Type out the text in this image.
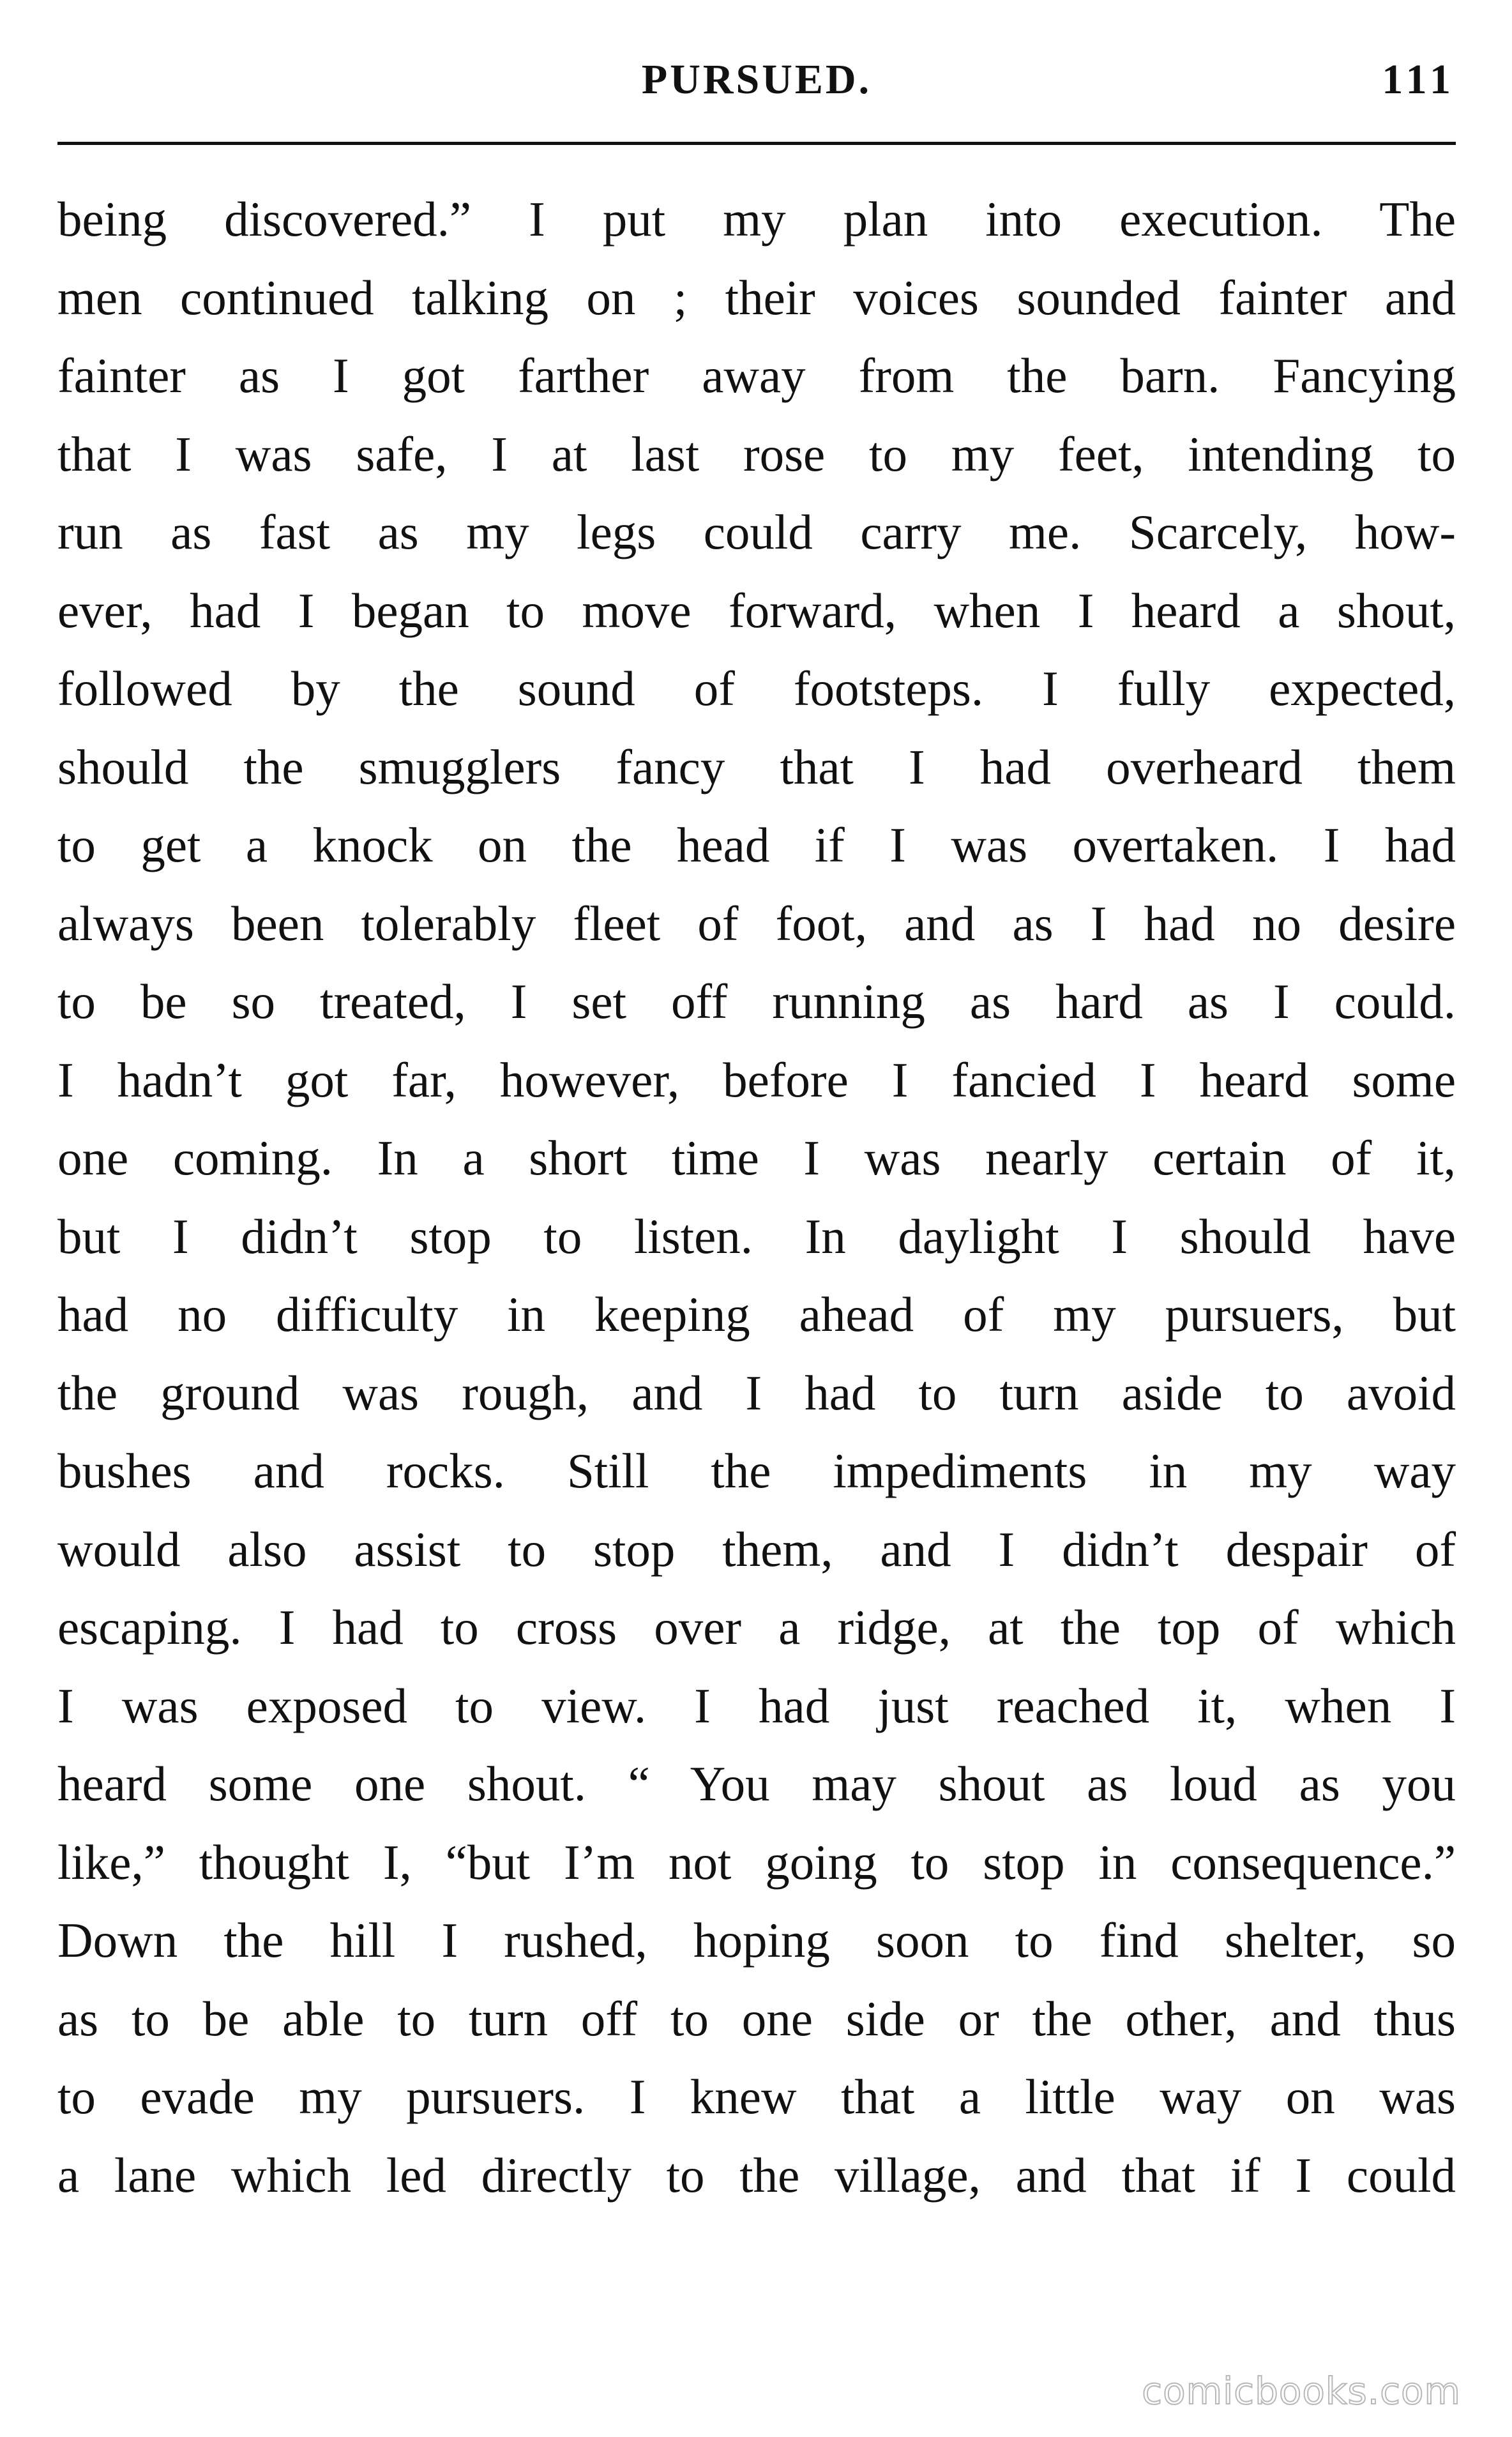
PURSUED.	111
being discovered.” I put my plan into execution. The
men continued talking on ; their voices sounded fainter and
fainter as I got farther away from the barn. Fancying
that I was safe, I at last rose to my feet, intending to
run as fast as my legs could carry me. Scarcely, how-
ever, had I began to move forward, when I heard a shout,
followed by the sound of footsteps. I fully expected,
should the smugglers fancy that I had overheard them
to get a knock on the head if I was overtaken. I had
always been tolerably fleet of foot, and as I had no desire
to be so treated, I set off running as hard as I could.
I hadn’t got far, however, before I fancied I heard some
one coming. In a short time I was nearly certain of it,
but I didn’t stop to listen. In daylight I should have
had no difficulty in keeping ahead of my pursuers, but
the ground was rough, and I had to turn aside to avoid
bushes and rocks. Still the impediments in my way
would also assist to stop them, and I didn’t despair of
escaping. I had to cross over a ridge, at the top of which
I was exposed to view. I had just reached it, when I
heard some one shout. “ You may shout as loud as you
like,” thought I, “but I’m not going to stop in consequence.”
Down the hill I rushed, hoping soon to find shelter, so
as to be able to turn off to one side or the other, and thus
to evade my pursuers. I knew that a little way on was
a lane which led directly to the village, and that if I could
comicbooks.com
